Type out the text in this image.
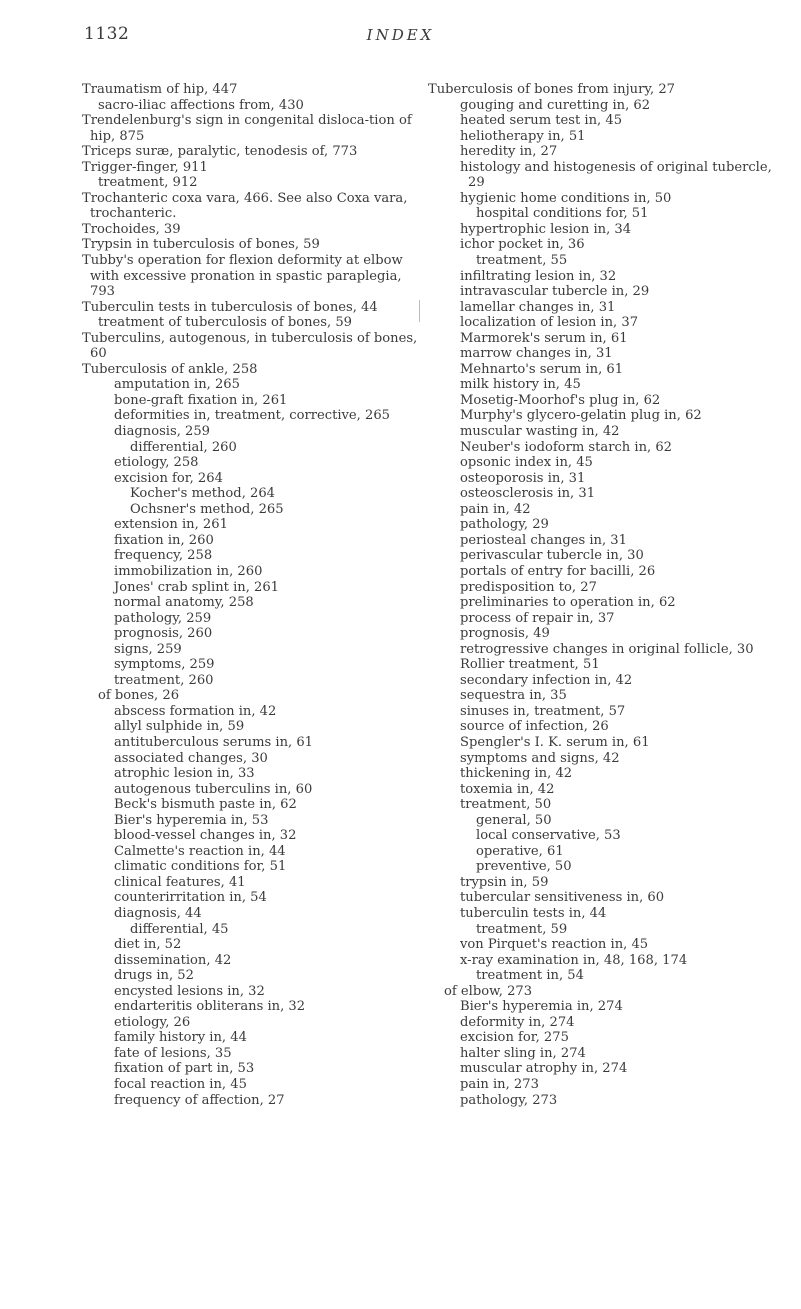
1132	INDEX
Traumatism of hip, 447
sacro-iliac affections from, 430
Trendelenburg's sign in congenital disloca-tion of hip, 875
Triceps suræ, paralytic, tenodesis of, 773
Trigger-finger, 911
treatment, 912
Trochanteric coxa vara, 466. See also Coxa vara, trochanteric.
Trochoides, 39
Trypsin in tuberculosis of bones, 59
Tubby's operation for flexion deformity at elbow with excessive pronation in spastic paraplegia, 793
Tuberculin tests in tuberculosis of bones, 44
treatment of tuberculosis of bones, 59
Tuberculins, autogenous, in tuberculosis of bones, 60
Tuberculosis of ankle, 258
amputation in, 265
bone-graft fixation in, 261
deformities in, treatment, corrective, 265
diagnosis, 259
differential, 260
etiology, 258
excision for, 264
Kocher's method, 264
Ochsner's method, 265
extension in, 261
fixation in, 260
frequency, 258
immobilization in, 260
Jones' crab splint in, 261
normal anatomy, 258
pathology, 259
prognosis, 260
signs, 259
symptoms, 259
treatment, 260
of bones, 26
abscess formation in, 42
allyl sulphide in, 59
antituberculous serums in, 61
associated changes, 30
atrophic lesion in, 33
autogenous tuberculins in, 60
Beck's bismuth paste in, 62
Bier's hyperemia in, 53
blood-vessel changes in, 32
Calmette's reaction in, 44
climatic conditions for, 51
clinical features, 41
counterirritation in, 54
diagnosis, 44
differential, 45
diet in, 52
dissemination, 42
drugs in, 52
encysted lesions in, 32
endarteritis obliterans in, 32
etiology, 26
family history in, 44
fate of lesions, 35
fixation of part in, 53
focal reaction in, 45
frequency of affection, 27
Tuberculosis of bones from injury, 27
gouging and curetting in, 62
heated serum test in, 45
heliotherapy in, 51
heredity in, 27
histology and histogenesis of original tubercle, 29
hygienic home conditions in, 50
hospital conditions for, 51
hypertrophic lesion in, 34
ichor pocket in, 36
treatment, 55
infiltrating lesion in, 32
intravascular tubercle in, 29
lamellar changes in, 31
localization of lesion in, 37
Marmorek's serum in, 61
marrow changes in, 31
Mehnarto's serum in, 61
milk history in, 45
Mosetig-Moorhof's plug in, 62
Murphy's glycero-gelatin plug in, 62
muscular wasting in, 42
Neuber's iodoform starch in, 62
opsonic index in, 45
osteoporosis in, 31
osteosclerosis in, 31
pain in, 42
pathology, 29
periosteal changes in, 31
perivascular tubercle in, 30
portals of entry for bacilli, 26
predisposition to, 27
preliminaries to operation in, 62
process of repair in, 37
prognosis, 49
retrogressive changes in original follicle, 30
Rollier treatment, 51
secondary infection in, 42
sequestra in, 35
sinuses in, treatment, 57
source of infection, 26
Spengler's I. K. serum in, 61
symptoms and signs, 42
thickening in, 42
toxemia in, 42
treatment, 50
general, 50
local conservative, 53
operative, 61
preventive, 50
trypsin in, 59
tubercular sensitiveness in, 60
tuberculin tests in, 44
treatment, 59
von Pirquet's reaction in, 45
x-ray examination in, 48, 168, 174
treatment in, 54
of elbow, 273
Bier's hyperemia in, 274
deformity in, 274
excision for, 275
halter sling in, 274
muscular atrophy in, 274
pain in, 273
pathology, 273
